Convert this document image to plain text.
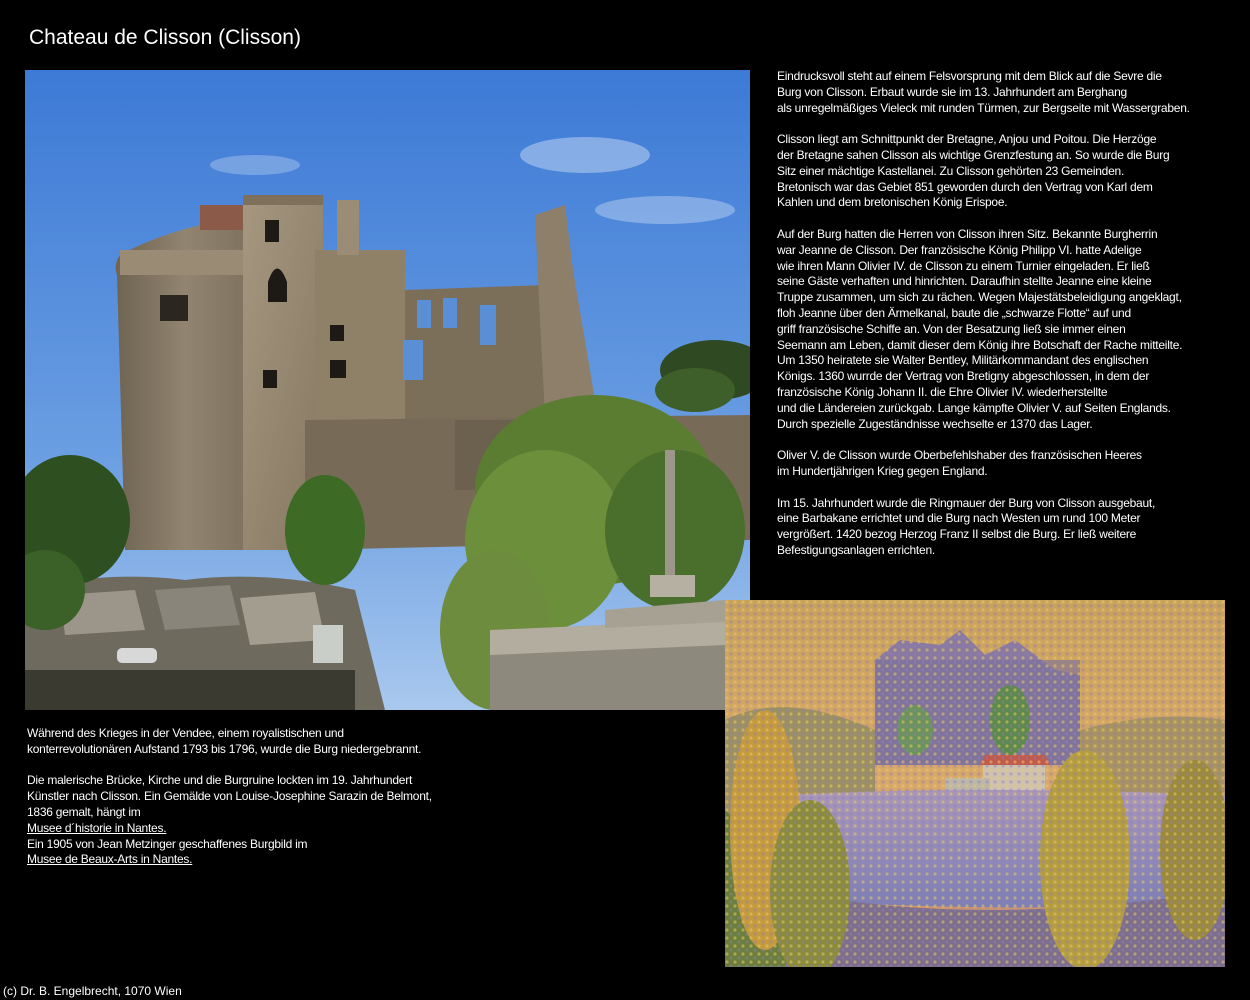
Chateau de Clisson (Clisson)
Eindrucksvoll steht auf einem Felsvorsprung mit dem Blick auf die Sevre die
Burg von Clisson. Erbaut wurde sie im 13. Jahrhundert am Berghang
als unregelmäßiges Vieleck mit runden Türmen, zur Bergseite mit Wassergraben.
Clisson liegt am Schnittpunkt der Bretagne, Anjou und Poitou. Die Herzöge
der Bretagne sahen Clisson als wichtige Grenzfestung an. So wurde die Burg
Sitz einer mächtige Kastellanei. Zu Clisson gehörten 23 Gemeinden.
Bretonisch war das Gebiet 851 geworden durch den Vertrag von Karl dem
Kahlen und dem bretonischen König Erispoe.
Auf der Burg hatten die Herren von Clisson ihren Sitz. Bekannte Burgherrin
war Jeanne de Clisson. Der französische König Philipp VI. hatte Adelige
wie ihren Mann Olivier IV. de Clisson zu einem Turnier eingeladen. Er ließ
seine Gäste verhaften und hinrichten. Daraufhin stellte Jeanne eine kleine
Truppe zusammen, um sich zu rächen. Wegen Majestätsbeleidigung angeklagt,
floh Jeanne über den Ärmelkanal, baute die „schwarze Flotte“ auf und
griff französische Schiffe an. Von der Besatzung ließ sie immer einen
Seemann am Leben, damit dieser dem König ihre Botschaft der Rache mitteilte.
Um 1350 heiratete sie Walter Bentley, Militärkommandant des englischen
Königs. 1360 wurrde der Vertrag von Bretigny abgeschlossen, in dem der
französische König Johann II. die Ehre Olivier IV. wiederherstellte
und die Ländereien zurückgab. Lange kämpfte Olivier V. auf Seiten Englands.
Durch spezielle Zugeständnisse wechselte er 1370 das Lager.
Oliver V. de Clisson wurde Oberbefehlshaber des französischen Heeres
im Hundertjährigen Krieg gegen England.
Im 15. Jahrhundert wurde die Ringmauer der Burg von Clisson ausgebaut,
eine Barbakane errichtet und die Burg nach Westen um rund 100 Meter
vergrößert. 1420 bezog Herzog Franz II selbst die Burg. Er ließ weitere
Befestigungsanlagen errichten.
Während des Krieges in der Vendee, einem royalistischen und
konterrevolutionären Aufstand 1793 bis 1796, wurde die Burg niedergebrannt.
Die malerische Brücke, Kirche und die Burgruine lockten im 19. Jahrhundert
Künstler nach Clisson. Ein Gemälde von Louise-Josephine Sarazin de Belmont,
1836 gemalt, hängt im
Musee d´historie in Nantes.
Ein 1905 von Jean Metzinger geschaffenes Burgbild im
Musee de Beaux-Arts in Nantes.
(c) Dr. B. Engelbrecht, 1070 Wien
